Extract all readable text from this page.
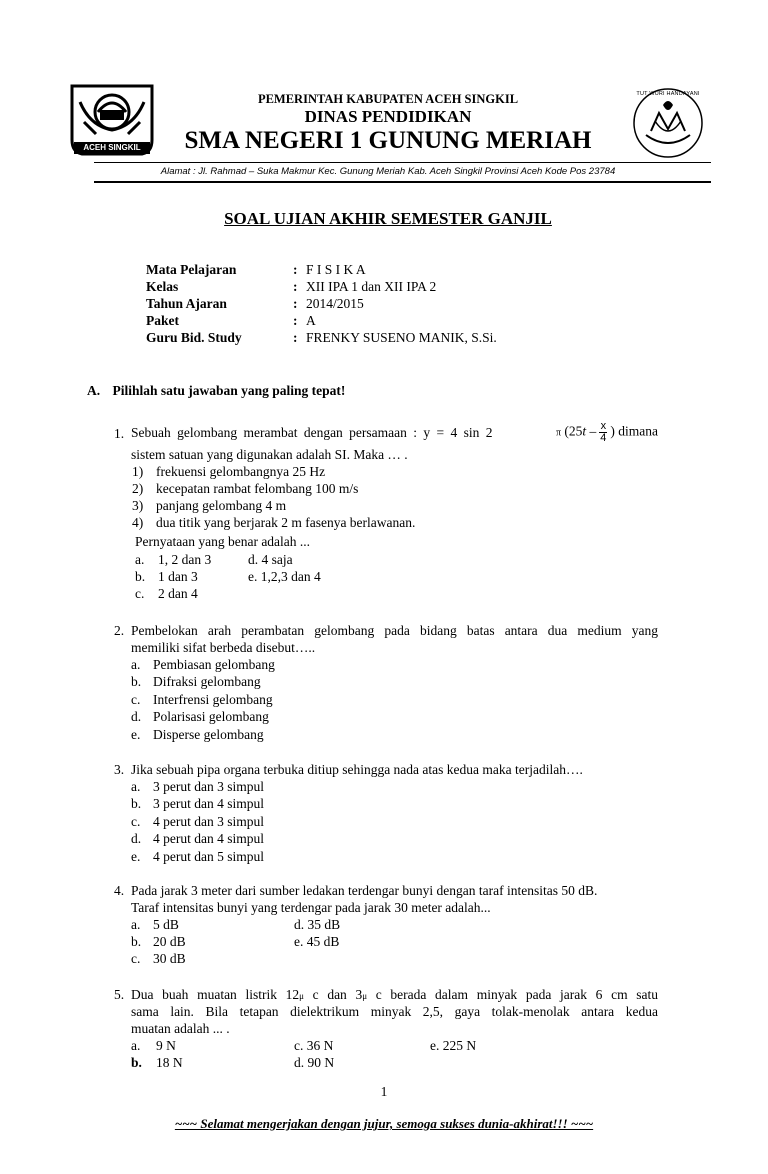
ACEH SINGKIL
TUT WURI HANDAYANI
PEMERINTAH KABUPATEN ACEH SINGKIL
DINAS PENDIDIKAN
SMA NEGERI 1 GUNUNG MERIAH
Alamat : Jl. Rahmad – Suka Makmur Kec. Gunung Meriah Kab. Aceh Singkil Provinsi Aceh Kode Pos 23784
SOAL UJIAN AKHIR SEMESTER GANJIL
Mata Pelajaran	: F I S I K A
Kelas	: XII IPA 1 dan XII IPA 2
Tahun Ajaran	: 2014/2015
Paket	: A
Guru Bid. Study	: FRENKY SUSENO MANIK, S.Si.
A. Pilihlah satu jawaban yang paling tepat!
1. Sebuah gelombang merambat dengan persamaan : y = 4 sin 2	π ($25t - \frac{x}{4}$ ) dimana
sistem satuan yang digunakan adalah SI. Maka … .
1) frekuensi gelombangnya 25 Hz
2) kecepatan rambat felombang 100 m/s
3) panjang gelombang 4 m
4) dua titik yang berjarak 2 m fasenya berlawanan.
Pernyataan yang benar adalah ...
a. 1, 2 dan 3
b. 1 dan 3
c. 2 dan 4
d. 4 saja
e. 1,2,3 dan 4
2. Pembelokan arah perambatan gelombang pada bidang batas antara dua medium yang
memiliki sifat berbeda disebut…..
a. Pembiasan gelombang
b. Difraksi gelombang
c. Interfrensi gelombang
d. Polarisasi gelombang
e. Disperse gelombang
3. Jika sebuah pipa organa terbuka ditiup sehingga nada atas kedua maka terjadilah….
a. 3 perut dan 3 simpul
b. 3 perut dan 4 simpul
c. 4 perut dan 3 simpul
d. 4 perut dan 4 simpul
e. 4 perut dan 5 simpul
4. Pada jarak 3 meter dari sumber ledakan terdengar bunyi dengan taraf intensitas 50 dB.
Taraf intensitas bunyi yang terdengar pada jarak 30 meter adalah...
a. 5 dB
b. 20 dB
c. 30 dB
d. 35 dB
e. 45 dB
5. Dua buah muatan listrik 12μ c dan 3μ c berada dalam minyak pada jarak 6 cm satu
sama lain. Bila tetapan dielektrikum minyak 2,5, gaya tolak-menolak antara kedua
muatan adalah ... .
a. 9 N
b. 18 N
c. 36 N
d. 90 N
e. 225 N
1
~~~ Selamat mengerjakan dengan jujur, semoga sukses dunia-akhirat!!! ~~~
